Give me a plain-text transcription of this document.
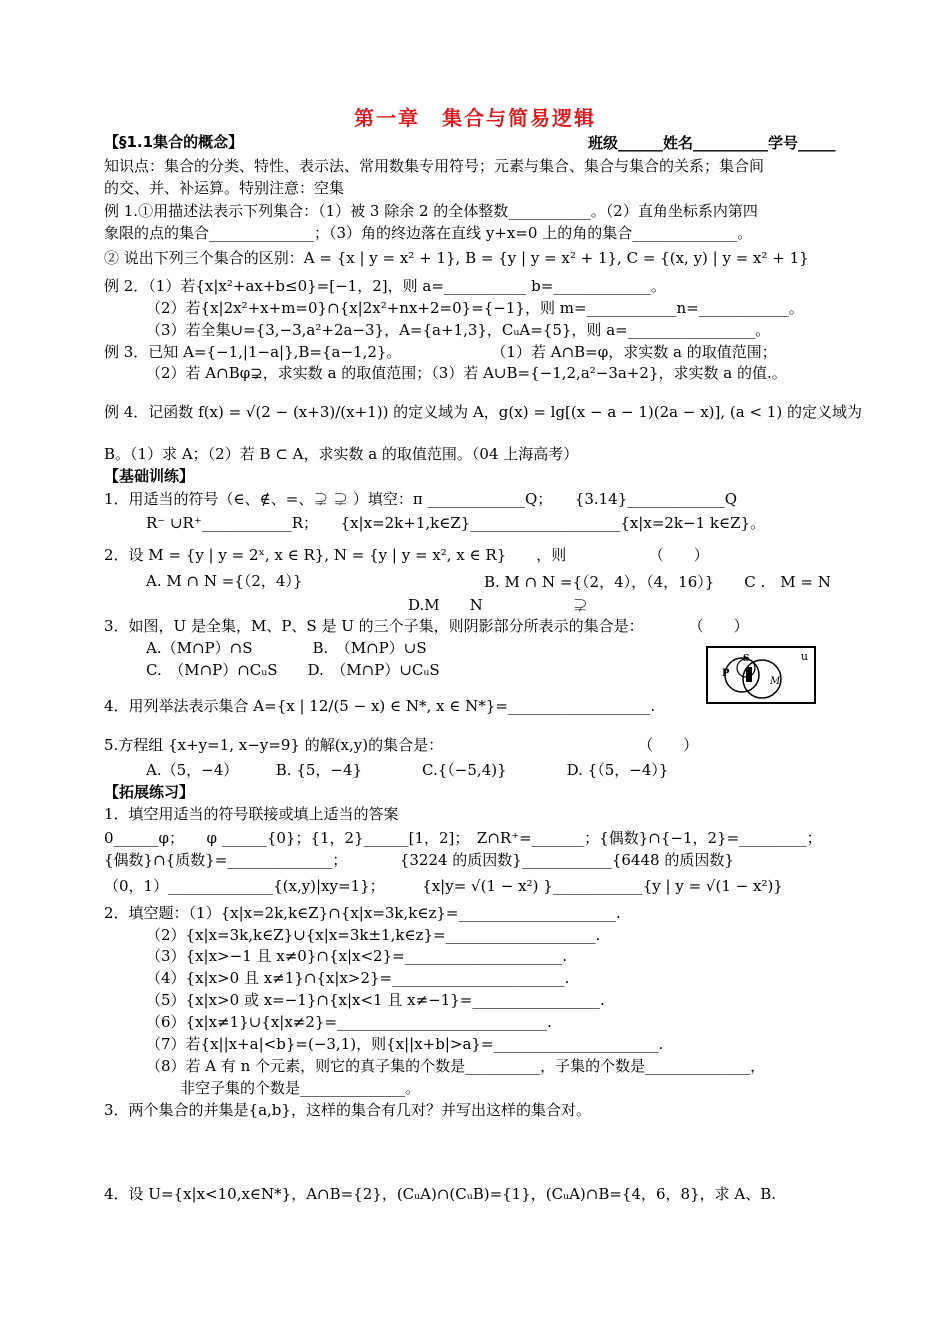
第一章　集合与简易逻辑
【§1.1集合的概念】	班级______姓名__________学号_____
知识点：集合的分类、特性、表示法、常用数集专用符号；元素与集合、集合与集合的关系；集合间
的交、并、补运算。特别注意：空集
例 1.①用描述法表示下列集合：（1）被 3 除余 2 的全体整数___________。（2）直角坐标系内第四
象限的点的集合______________；（3）角的终边落在直线 y+x=0 上的角的集合______________。
② 说出下列三个集合的区别：A = {x | y = x² + 1}, B = {y | y = x² + 1}, C = {(x, y) | y = x² + 1}
例 2．（1）若{x|x²+ax+b≤0}=[−1，2]，则 a=___________ b=_____________。
（2）若{x|2x²+x+m=0}∩{x|2x²+nx+2=0}={−1}，则 m=____________n=____________。
（3）若全集∪={3,−3,a²+2a−3}，A={a+1,3}，CᵤA={5}，则 a=_________________。
例 3．已知 A={−1,|1−a|},B={a−1,2}。　　　　　　　（1）若 A∩B=φ，求实数 a 的取值范围；
（2）若 A∩Bφ⊋，求实数 a 的取值范围；（3）若 A∪B={−1,2,a²−3a+2}，求实数 a 的值.。
例 4．记函数 f(x) = √(2 − (x+3)/(x+1)) 的定义域为 A，g(x) = lg[(x − a − 1)(2a − x)], (a < 1) 的定义域为
B。（1）求 A；（2）若 B ⊂ A，求实数 a 的取值范围。（04 上海高考）
【基础训练】
1．用适当的符号（∈、∉、=、⊋ ⊋ ）填空：π _____________Q；　　{3.14}_____________Q
R⁻ ∪R⁺____________R；　　{x|x=2k+1,k∈Z}____________________{x|x=2k−1 k∈Z}。
2．设 M = {y | y = 2ˣ, x ∈ R}, N = {y | y = x², x ∈ R}　　，则　　　　　　（　　）
A. M ∩ N ={（2，4）}	B. M ∩ N ={（2，4），（4，16）}　　C .　M = N
D.M　　N　　　　　　⊋
3．如图，U 是全集，M、P、S 是 U 的三个子集，则阴影部分所表示的集合是：　　　　（　　）
A.（M∩P）∩S　　　　B.　（M∩P）∪S
C.　（M∩P）∩CᵤS　　D.　（M∩P）∪CᵤS
u
P
S
M
4．用列举法表示集合 A={x | 12/(5 − x) ∈ N*, x ∈ N*}=___________________.
5.方程组 {x+y=1, x−y=9} 的解(x,y)的集合是：　　　　　　　　　　　　　　（　　）
A.（5，−4）　　　B. {5，−4}　　　　C.{（−5,4)}　　　　D. {（5，−4）}
【拓展练习】
1．填空用适当的符号联接或填上适当的答案
0______φ；　　φ ______{0}；{1，2}______[1，2]；　Z∩R⁺=_______；{偶数}∩{−1，2}=_________；
{偶数}∩{质数}=______________；　　　　{3224 的质因数}____________{6448 的质因数}
（0，1）______________{(x,y)|xy=1}；　　　{x|y= √(1 − x²) }____________{y | y = √(1 − x²)}
2．填空题：（1）{x|x=2k,k∈Z}∩{x|x=3k,k∈z}=_____________________.
（2）{x|x=3k,k∈Z}∪{x|x=3k±1,k∈z}=____________________.
（3）{x|x>−1 且 x≠0}∩{x|x<2}=_____________________.
（4）{x|x>0 且 x≠1}∩{x|x>2}=_______________________.
（5）{x|x>0 或 x=−1}∩{x|x<1 且 x≠−1}=_________________.
（6）{x|x≠1}∪{x|x≠2}=____________________________.
（7）若{x||x+a|<b}=(−3,1)，则{x||x+b|>a}=______________________.
（8）若 A 有 n 个元素，则它的真子集的个数是__________，子集的个数是______________，
非空子集的个数是______________。
3．两个集合的并集是{a,b}，这样的集合有几对？并写出这样的集合对。
4．设 U={x|x<10,x∈N*}，A∩B={2}，(CᵤA)∩(CᵤB)={1}，(CᵤA)∩B={4，6，8}，求 A、B.
